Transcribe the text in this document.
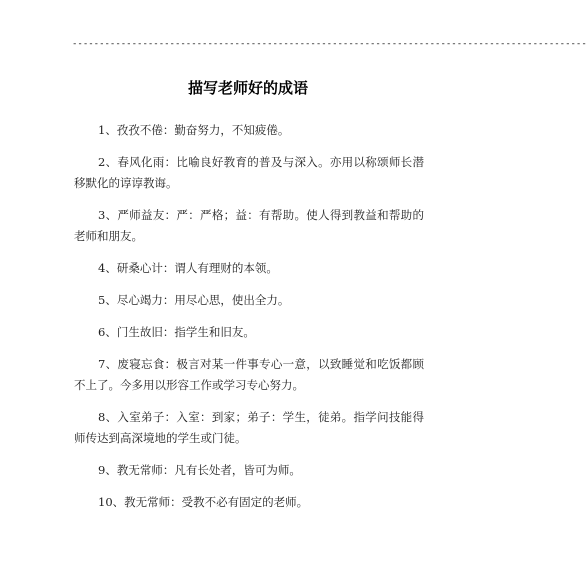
-----------------------------------------------------------------------------------------------
描写老师好的成语

1、孜孜不倦：勤奋努力，不知疲倦。

2、春风化雨：比喻良好教育的普及与深入。亦用以称颂师长潜移默化的谆谆教诲。

3、严师益友：严：严格；益：有帮助。使人得到教益和帮助的老师和朋友。

4、研桑心计：谓人有理财的本领。

5、尽心竭力：用尽心思，使出全力。

6、门生故旧：指学生和旧友。

7、废寝忘食：极言对某一件事专心一意，以致睡觉和吃饭都顾不上了。今多用以形容工作或学习专心努力。

8、入室弟子：入室：到家；弟子：学生，徒弟。指学问技能得师传达到高深境地的学生或门徒。

9、教无常师：凡有长处者，皆可为师。

10、教无常师：受教不必有固定的老师。
